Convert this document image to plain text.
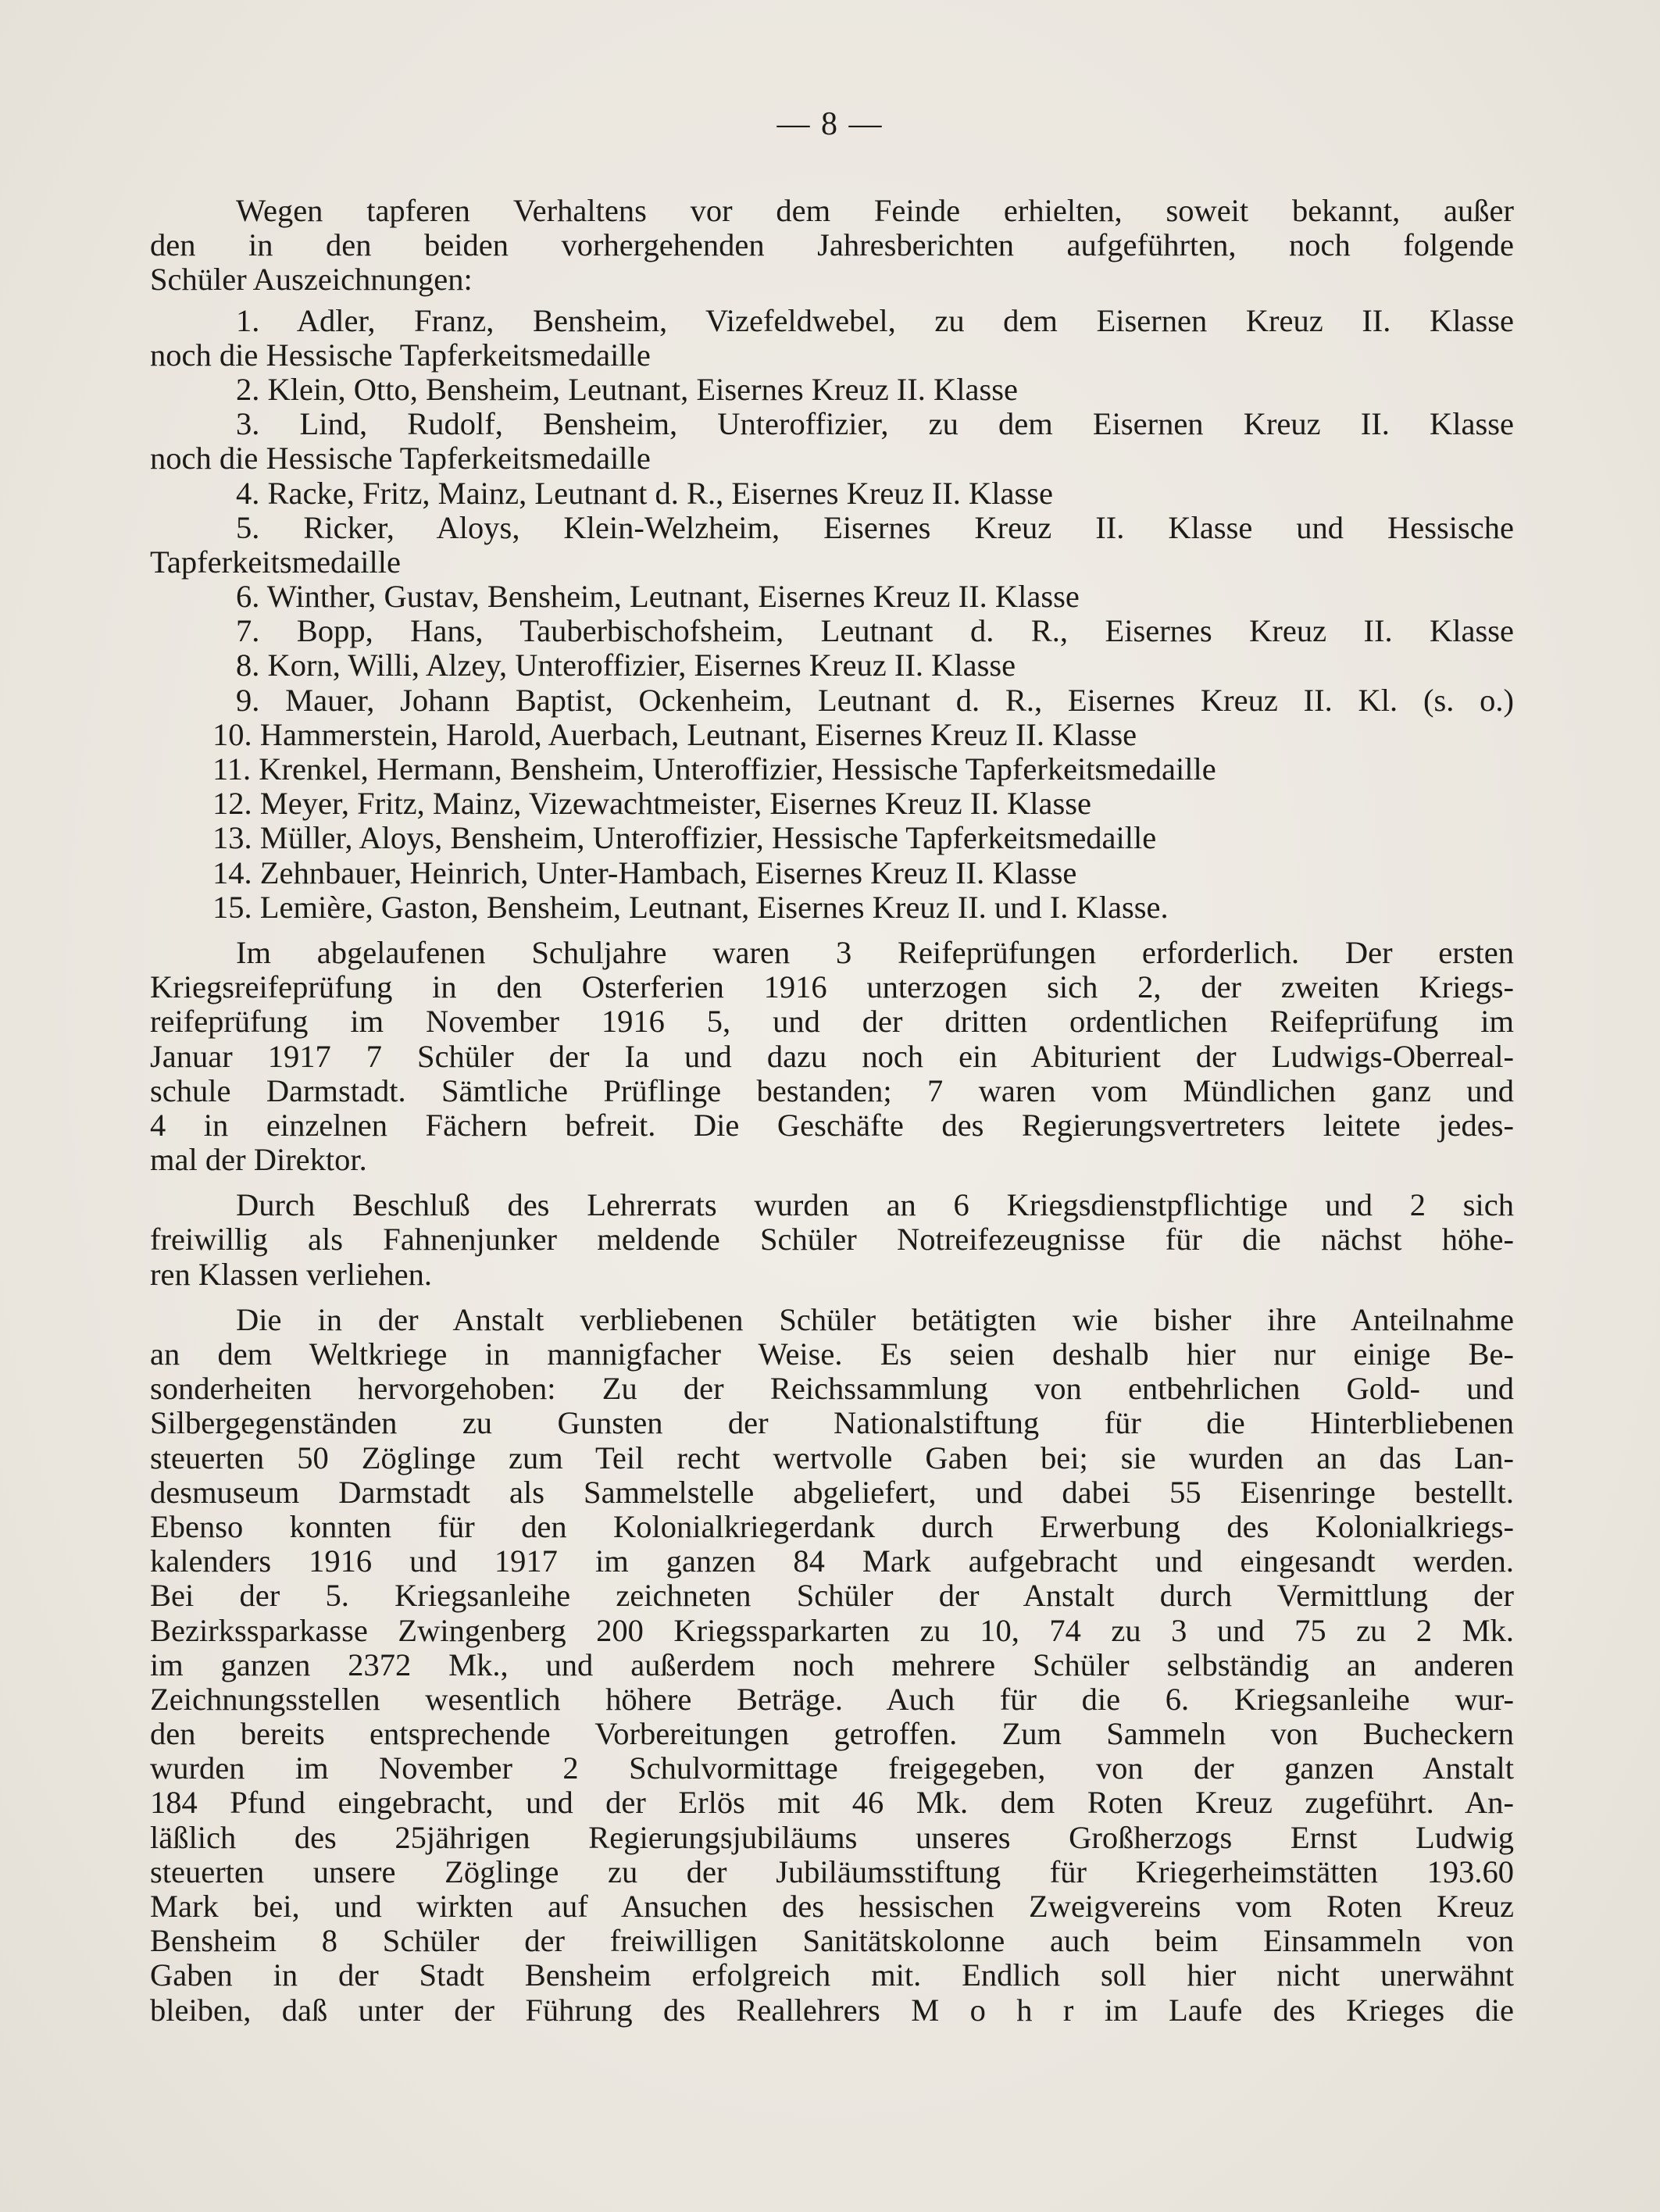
— 8 —
Wegen tapferen Verhaltens vor dem Feinde erhielten, soweit bekannt, außer
den in den beiden vorhergehenden Jahresberichten aufgeführten, noch folgende
Schüler Auszeichnungen:
1. Adler, Franz, Bensheim, Vizefeldwebel, zu dem Eisernen Kreuz II. Klasse
noch die Hessische Tapferkeitsmedaille
2. Klein, Otto, Bensheim, Leutnant, Eisernes Kreuz II. Klasse
3. Lind, Rudolf, Bensheim, Unteroffizier, zu dem Eisernen Kreuz II. Klasse
noch die Hessische Tapferkeitsmedaille
4. Racke, Fritz, Mainz, Leutnant d. R., Eisernes Kreuz II. Klasse
5. Ricker, Aloys, Klein-Welzheim, Eisernes Kreuz II. Klasse und Hessische
Tapferkeitsmedaille
6. Winther, Gustav, Bensheim, Leutnant, Eisernes Kreuz II. Klasse
7. Bopp, Hans, Tauberbischofsheim, Leutnant d. R., Eisernes Kreuz II. Klasse
8. Korn, Willi, Alzey, Unteroffizier, Eisernes Kreuz II. Klasse
9. Mauer, Johann Baptist, Ockenheim, Leutnant d. R., Eisernes Kreuz II. Kl. (s. o.)
10. Hammerstein, Harold, Auerbach, Leutnant, Eisernes Kreuz II. Klasse
11. Krenkel, Hermann, Bensheim, Unteroffizier, Hessische Tapferkeitsmedaille
12. Meyer, Fritz, Mainz, Vizewachtmeister, Eisernes Kreuz II. Klasse
13. Müller, Aloys, Bensheim, Unteroffizier, Hessische Tapferkeitsmedaille
14. Zehnbauer, Heinrich, Unter-Hambach, Eisernes Kreuz II. Klasse
15. Lemière, Gaston, Bensheim, Leutnant, Eisernes Kreuz II. und I. Klasse.
Im abgelaufenen Schuljahre waren 3 Reifeprüfungen erforderlich. Der ersten
Kriegsreifeprüfung in den Osterferien 1916 unterzogen sich 2, der zweiten Kriegs-
reifeprüfung im November 1916 5, und der dritten ordentlichen Reifeprüfung im
Januar 1917 7 Schüler der Ia und dazu noch ein Abiturient der Ludwigs-Oberreal-
schule Darmstadt. Sämtliche Prüflinge bestanden; 7 waren vom Mündlichen ganz und
4 in einzelnen Fächern befreit. Die Geschäfte des Regierungsvertreters leitete jedes-
mal der Direktor.
Durch Beschluß des Lehrerrats wurden an 6 Kriegsdienstpflichtige und 2 sich
freiwillig als Fahnenjunker meldende Schüler Notreifezeugnisse für die nächst höhe-
ren Klassen verliehen.
Die in der Anstalt verbliebenen Schüler betätigten wie bisher ihre Anteilnahme
an dem Weltkriege in mannigfacher Weise. Es seien deshalb hier nur einige Be-
sonderheiten hervorgehoben: Zu der Reichssammlung von entbehrlichen Gold- und
Silbergegenständen zu Gunsten der Nationalstiftung für die Hinterbliebenen
steuerten 50 Zöglinge zum Teil recht wertvolle Gaben bei; sie wurden an das Lan-
desmuseum Darmstadt als Sammelstelle abgeliefert, und dabei 55 Eisenringe bestellt.
Ebenso konnten für den Kolonialkriegerdank durch Erwerbung des Kolonialkriegs-
kalenders 1916 und 1917 im ganzen 84 Mark aufgebracht und eingesandt werden.
Bei der 5. Kriegsanleihe zeichneten Schüler der Anstalt durch Vermittlung der
Bezirkssparkasse Zwingenberg 200 Kriegssparkarten zu 10, 74 zu 3 und 75 zu 2 Mk.
im ganzen 2372 Mk., und außerdem noch mehrere Schüler selbständig an anderen
Zeichnungsstellen wesentlich höhere Beträge. Auch für die 6. Kriegsanleihe wur-
den bereits entsprechende Vorbereitungen getroffen. Zum Sammeln von Bucheckern
wurden im November 2 Schulvormittage freigegeben, von der ganzen Anstalt
184 Pfund eingebracht, und der Erlös mit 46 Mk. dem Roten Kreuz zugeführt. An-
läßlich des 25jährigen Regierungsjubiläums unseres Großherzogs Ernst Ludwig
steuerten unsere Zöglinge zu der Jubiläumsstiftung für Kriegerheimstätten 193.60
Mark bei, und wirkten auf Ansuchen des hessischen Zweigvereins vom Roten Kreuz
Bensheim 8 Schüler der freiwilligen Sanitätskolonne auch beim Einsammeln von
Gaben in der Stadt Bensheim erfolgreich mit. Endlich soll hier nicht unerwähnt
bleiben, daß unter der Führung des Reallehrers M o h r im Laufe des Krieges die
